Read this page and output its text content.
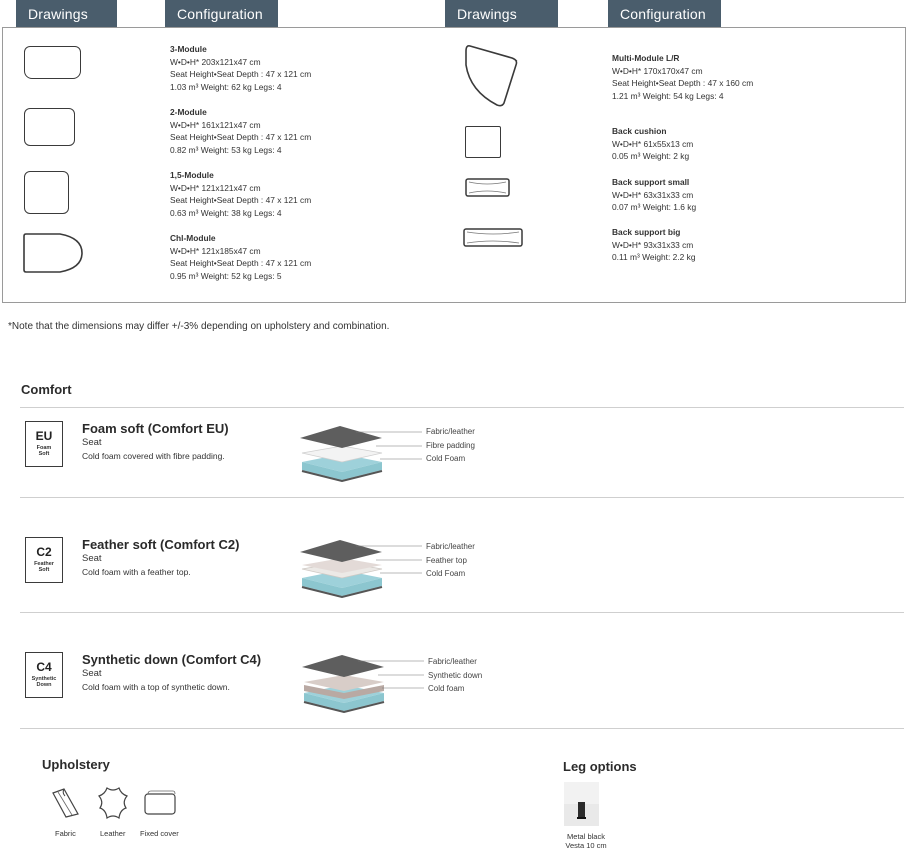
Drawings	Configuration	Drawings	Configuration
3-Module
W•D•H* 203x121x47 cm
Seat Height•Seat Depth : 47 x 121 cm
1.03 m³ Weight: 62 kg Legs: 4
2-Module
W•D•H* 161x121x47 cm
Seat Height•Seat Depth : 47 x 121 cm
0.82 m³ Weight: 53 kg Legs: 4
1,5-Module
W•D•H* 121x121x47 cm
Seat Height•Seat Depth : 47 x 121 cm
0.63 m³ Weight: 38 kg Legs: 4
Chl-Module
W•D•H* 121x185x47 cm
Seat Height•Seat Depth : 47 x 121 cm
0.95 m³ Weight: 52 kg Legs: 5
Multi-Module L/R
W•D•H* 170x170x47 cm
Seat Height•Seat Depth : 47 x 160 cm
1.21 m³ Weight: 54 kg Legs: 4
Back cushion
W•D•H* 61x55x13 cm
0.05 m³ Weight: 2 kg
Back support small
W•D•H* 63x31x33 cm
0.07 m³ Weight: 1.6 kg
Back support big
W•D•H* 93x31x33 cm
0.11 m³ Weight: 2.2 kg
*Note that the dimensions may differ +/-3% depending on upholstery and combination.
Comfort
EU
Foam
Soft
Foam soft (Comfort EU)
Seat
Cold foam covered with fibre padding.
Fabric/leather
Fibre padding
Cold Foam
C2
Feather
Soft
Feather soft (Comfort C2)
Seat
Cold foam with a feather top.
Fabric/leather
Feather top
Cold Foam
C4
Synthetic
Down
Synthetic down (Comfort C4)
Seat
Cold foam with a top of synthetic down.
Fabric/leather
Synthetic down
Cold foam
Upholstery
Fabric	Leather Fixed cover
Leg options
Metal black
Vesta 10 cm
